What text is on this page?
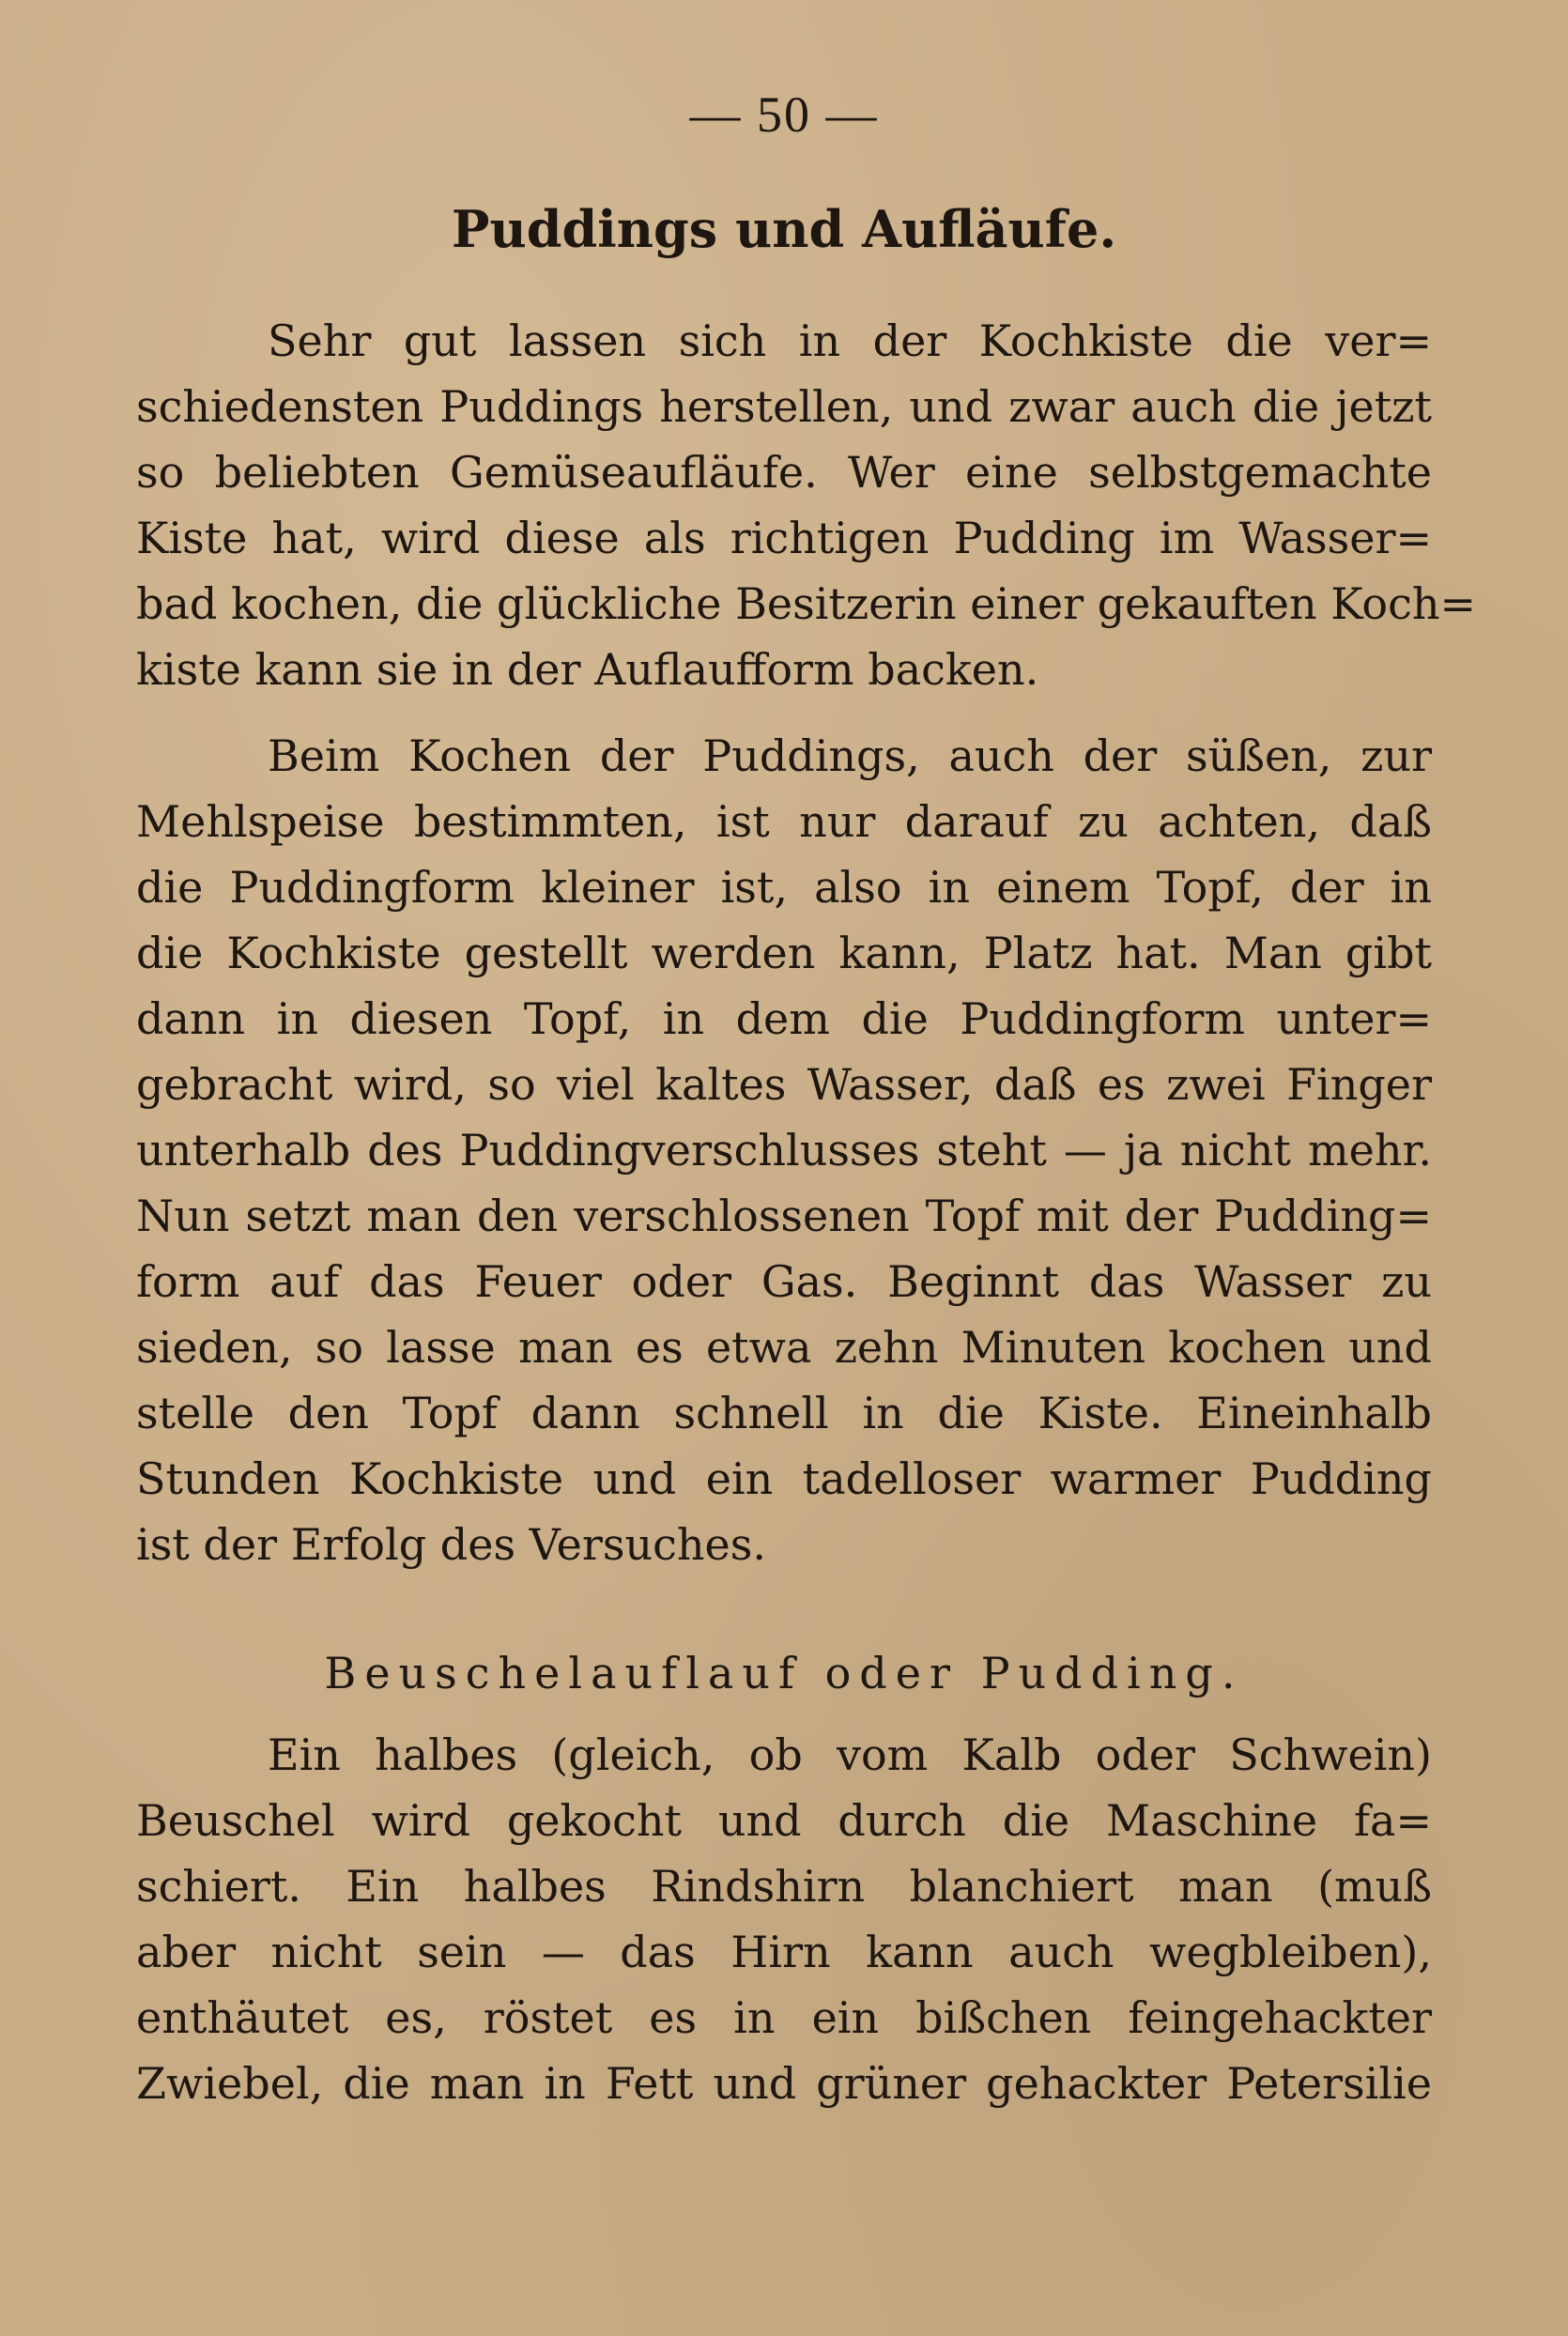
— 50 —
Puddings und Aufläufe.
Sehr gut lassen sich in der Kochkiste die ver=
schiedensten Puddings herstellen, und zwar auch die jetzt
so beliebten Gemüseaufläufe. Wer eine selbstgemachte
Kiste hat, wird diese als richtigen Pudding im Wasser=
bad kochen, die glückliche Besitzerin einer gekauften Koch=
kiste kann sie in der Auflaufform backen.
Beim Kochen der Puddings, auch der süßen, zur
Mehlspeise bestimmten, ist nur darauf zu achten, daß
die Puddingform kleiner ist, also in einem Topf, der in
die Kochkiste gestellt werden kann, Platz hat. Man gibt
dann in diesen Topf, in dem die Puddingform unter=
gebracht wird, so viel kaltes Wasser, daß es zwei Finger
unterhalb des Puddingverschlusses steht — ja nicht mehr.
Nun setzt man den verschlossenen Topf mit der Pudding=
form auf das Feuer oder Gas. Beginnt das Wasser zu
sieden, so lasse man es etwa zehn Minuten kochen und
stelle den Topf dann schnell in die Kiste. Eineinhalb
Stunden Kochkiste und ein tadelloser warmer Pudding
ist der Erfolg des Versuches.
Beuschelauflauf oder Pudding.
Ein halbes (gleich, ob vom Kalb oder Schwein)
Beuschel wird gekocht und durch die Maschine fa=
schiert. Ein halbes Rindshirn blanchiert man (muß
aber nicht sein — das Hirn kann auch wegbleiben),
enthäutet es, röstet es in ein bißchen feingehackter
Zwiebel, die man in Fett und grüner gehackter Petersilie
